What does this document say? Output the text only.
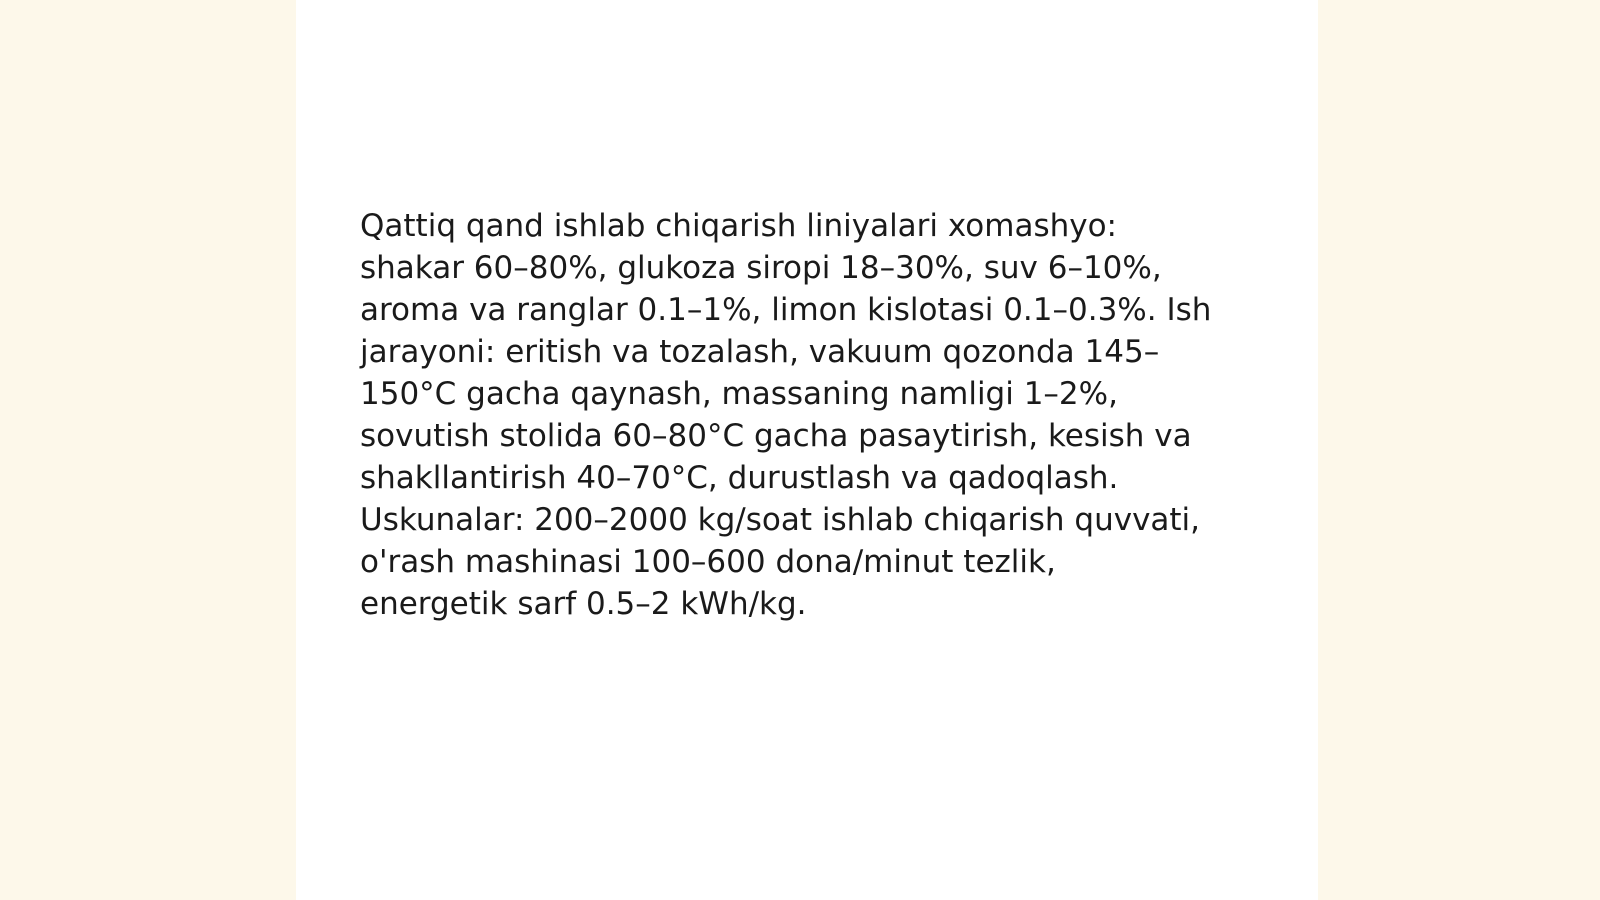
Qattiq qand ishlab chiqarish liniyalari xomashyo:
shakar 60–80%, glukoza siropi 18–30%, suv 6–10%,
aroma va ranglar 0.1–1%, limon kislotasi 0.1–0.3%. Ish
jarayoni: eritish va tozalash, vakuum qozonda 145–
150°C gacha qaynash, massaning namligi 1–2%,
sovutish stolida 60–80°C gacha pasaytirish, kesish va
shakllantirish 40–70°C, durustlash va qadoqlash.
Uskunalar: 200–2000 kg/soat ishlab chiqarish quvvati,
o'rash mashinasi 100–600 dona/minut tezlik,
energetik sarf 0.5–2 kWh/kg.
